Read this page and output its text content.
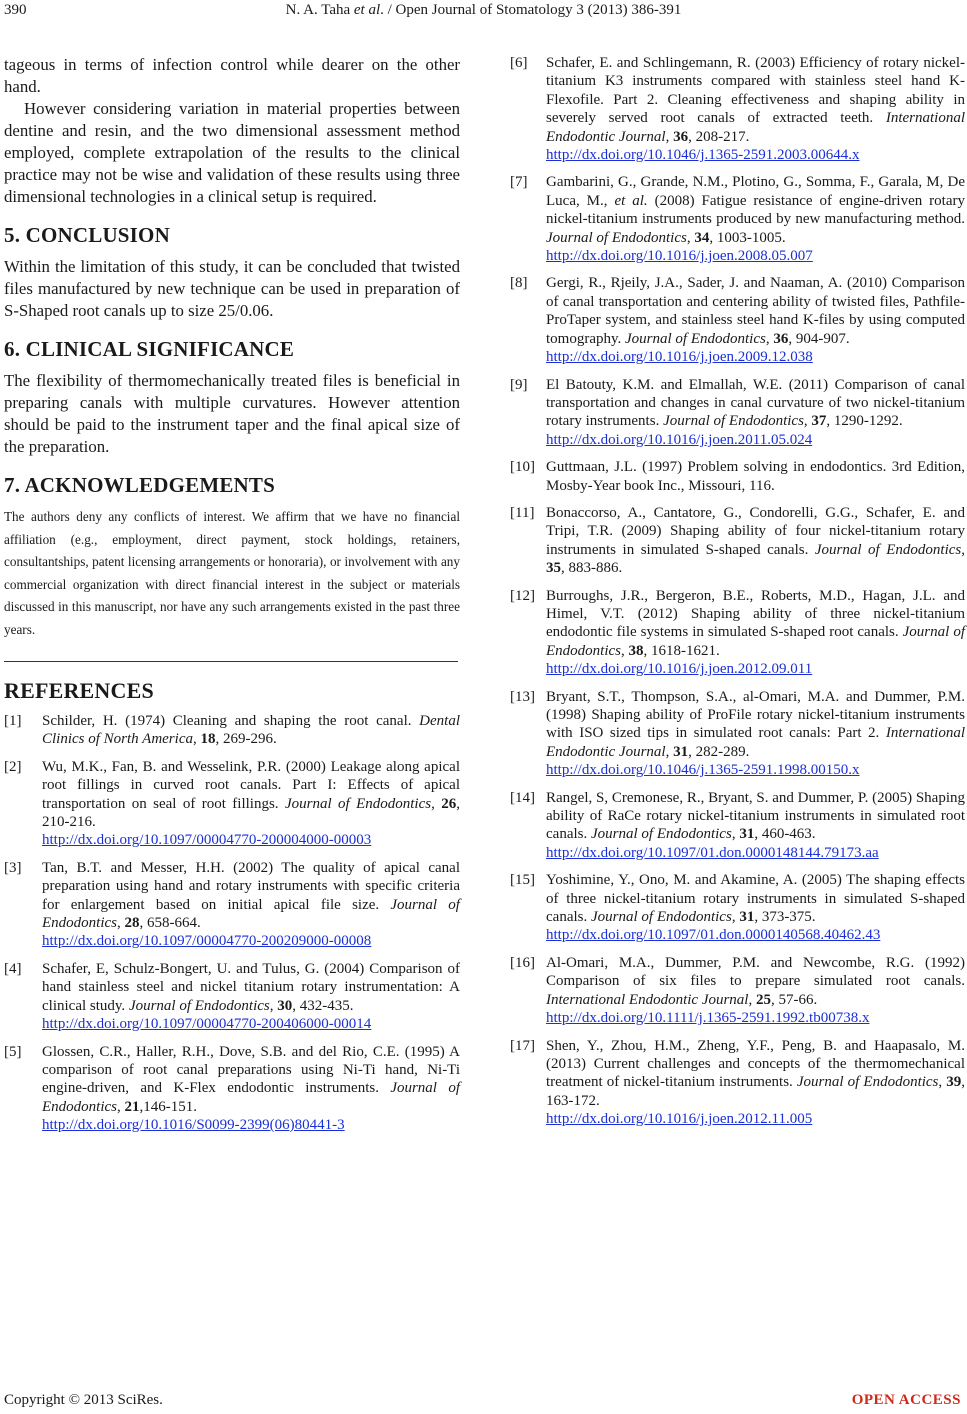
390	N. A. Taha et al. / Open Journal of Stomatology 3 (2013) 386-391

tageous in terms of infection control while dearer on the other hand.

However considering variation in material properties between dentine and resin, and the two dimensional assessment method employed, complete extrapolation of the results to the clinical practice may not be wise and validation of these results using three dimensional technologies in a clinical setup is required.

5. CONCLUSION

Within the limitation of this study, it can be concluded that twisted files manufactured by new technique can be used in preparation of S-Shaped root canals up to size 25/0.06.

6. CLINICAL SIGNIFICANCE

The flexibility of thermomechanically treated files is beneficial in preparing canals with multiple curvatures. However attention should be paid to the instrument taper and the final apical size of the preparation.

7. ACKNOWLEDGEMENTS

The authors deny any conflicts of interest. We affirm that we have no financial affiliation (e.g., employment, direct payment, stock holdings, retainers, consultantships, patent licensing arrangements or honoraria), or involvement with any commercial organization with direct financial interest in the subject or materials discussed in this manuscript, nor have any such arrangements existed in the past three years.

REFERENCES
[1] Schilder, H. (1974) Cleaning and shaping the root canal. Dental Clinics of North America, 18, 269-296.
[2] Wu, M.K., Fan, B. and Wesselink, P.R. (2000) Leakage along apical root fillings in curved root canals. Part I: Effects of apical transportation on seal of root fillings. Journal of Endodontics, 26, 210-216.
http://dx.doi.org/10.1097/00004770-200004000-00003
[3] Tan, B.T. and Messer, H.H. (2002) The quality of apical canal preparation using hand and rotary instruments with specific criteria for enlargement based on initial apical file size. Journal of Endodontics, 28, 658-664.
http://dx.doi.org/10.1097/00004770-200209000-00008
[4] Schafer, E, Schulz-Bongert, U. and Tulus, G. (2004) Comparison of hand stainless steel and nickel titanium rotary instrumentation: A clinical study. Journal of Endodontics, 30, 432-435.
http://dx.doi.org/10.1097/00004770-200406000-00014
[5] Glossen, C.R., Haller, R.H., Dove, S.B. and del Rio, C.E. (1995) A comparison of root canal preparations using Ni-Ti hand, Ni-Ti engine-driven, and K-Flex endodontic instruments. Journal of Endodontics, 21,146-151.
http://dx.doi.org/10.1016/S0099-2399(06)80441-3
[6] Schafer, E. and Schlingemann, R. (2003) Efficiency of rotary nickel-titanium K3 instruments compared with stainless steel hand K-Flexofile. Part 2. Cleaning effectiveness and shaping ability in severely served root canals of extracted teeth. International Endodontic Journal, 36, 208-217.
http://dx.doi.org/10.1046/j.1365-2591.2003.00644.x
[7] Gambarini, G., Grande, N.M., Plotino, G., Somma, F., Garala, M, De Luca, M., et al. (2008) Fatigue resistance of engine-driven rotary nickel-titanium instruments produced by new manufacturing method. Journal of Endodontics, 34, 1003-1005.
http://dx.doi.org/10.1016/j.joen.2008.05.007
[8] Gergi, R., Rjeily, J.A., Sader, J. and Naaman, A. (2010) Comparison of canal transportation and centering ability of twisted files, Pathfile-ProTaper system, and stainless steel hand K-files by using computed tomography. Journal of Endodontics, 36, 904-907.
http://dx.doi.org/10.1016/j.joen.2009.12.038
[9] El Batouty, K.M. and Elmallah, W.E. (2011) Comparison of canal transportation and changes in canal curvature of two nickel-titanium rotary instruments. Journal of Endodontics, 37, 1290-1292.
http://dx.doi.org/10.1016/j.joen.2011.05.024
[10] Guttmaan, J.L. (1997) Problem solving in endodontics. 3rd Edition, Mosby-Year book Inc., Missouri, 116.
[11] Bonaccorso, A., Cantatore, G., Condorelli, G.G., Schafer, E. and Tripi, T.R. (2009) Shaping ability of four nickel-titanium rotary instruments in simulated S-shaped canals. Journal of Endodontics, 35, 883-886.
[12] Burroughs, J.R., Bergeron, B.E., Roberts, M.D., Hagan, J.L. and Himel, V.T. (2012) Shaping ability of three nickel-titanium endodontic file systems in simulated S-shaped root canals. Journal of Endodontics, 38, 1618-1621.
http://dx.doi.org/10.1016/j.joen.2012.09.011
[13] Bryant, S.T., Thompson, S.A., al-Omari, M.A. and Dummer, P.M. (1998) Shaping ability of ProFile rotary nickel-titanium instruments with ISO sized tips in simulated root canals: Part 2. International Endodontic Journal, 31, 282-289.
http://dx.doi.org/10.1046/j.1365-2591.1998.00150.x
[14] Rangel, S, Cremonese, R., Bryant, S. and Dummer, P. (2005) Shaping ability of RaCe rotary nickel-titanium instruments in simulated root canals. Journal of Endodontics, 31, 460-463.
http://dx.doi.org/10.1097/01.don.0000148144.79173.aa
[15] Yoshimine, Y., Ono, M. and Akamine, A. (2005) The shaping effects of three nickel-titanium rotary instruments in simulated S-shaped canals. Journal of Endodontics, 31, 373-375.
http://dx.doi.org/10.1097/01.don.0000140568.40462.43
[16] Al-Omari, M.A., Dummer, P.M. and Newcombe, R.G. (1992) Comparison of six files to prepare simulated root canals. International Endodontic Journal, 25, 57-66.
http://dx.doi.org/10.1111/j.1365-2591.1992.tb00738.x
[17] Shen, Y., Zhou, H.M., Zheng, Y.F., Peng, B. and Haapasalo, M. (2013) Current challenges and concepts of the thermomechanical treatment of nickel-titanium instruments. Journal of Endodontics, 39, 163-172.
http://dx.doi.org/10.1016/j.joen.2012.11.005
Copyright © 2013 SciRes.	OPEN ACCESS
